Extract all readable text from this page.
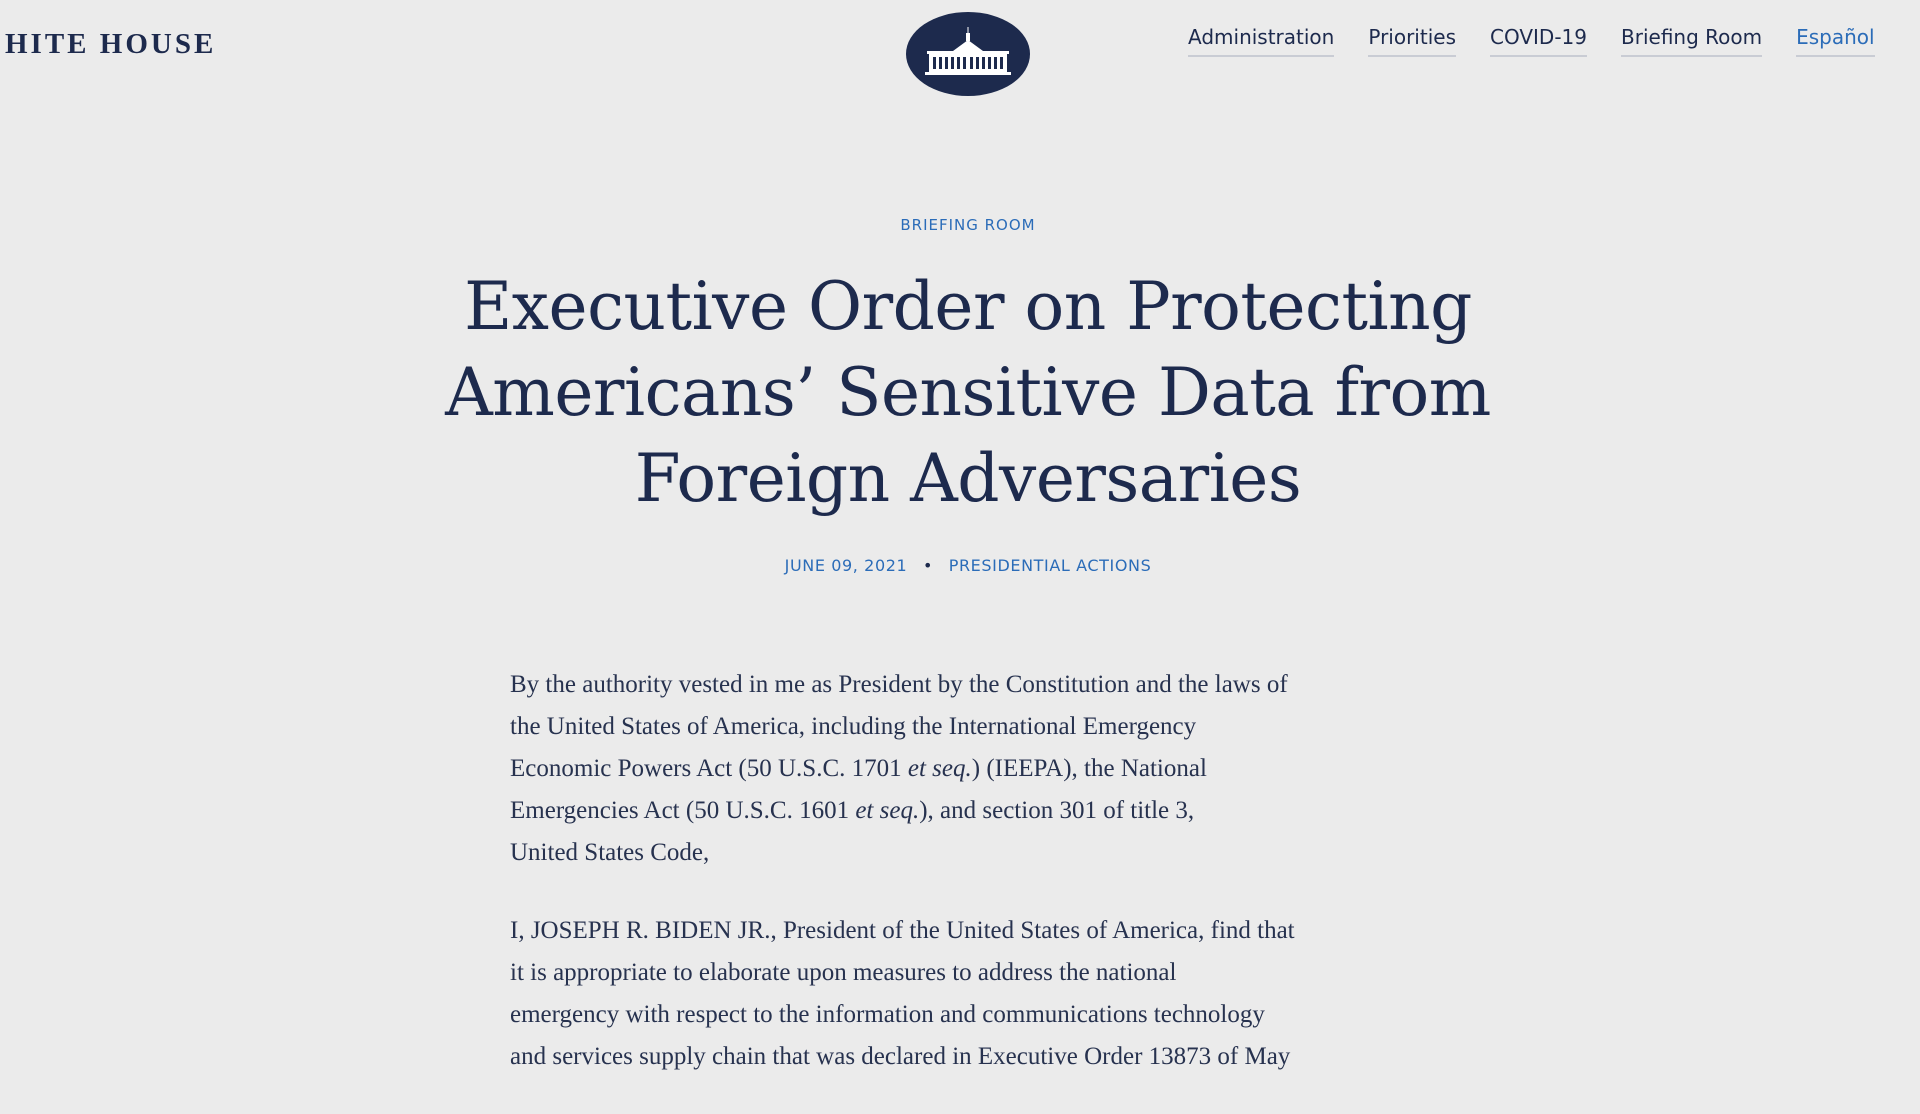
HITE HOUSE	Administration Priorities COVID-19 Briefing Room Español
BRIEFING ROOM
Executive Order on Protecting
Americans’ Sensitive Data from
Foreign Adversaries
JUNE 09, 2021 • PRESIDENTIAL ACTIONS

By the authority vested in me as President by the Constitution and the laws of
the United States of America, including the International Emergency
Economic Powers Act (50 U.S.C. 1701 et seq.) (IEEPA), the National
Emergencies Act (50 U.S.C. 1601 et seq.), and section 301 of title 3,
United States Code,

I, JOSEPH R. BIDEN JR., President of the United States of America, find that
it is appropriate to elaborate upon measures to address the national
emergency with respect to the information and communications technology
and services supply chain that was declared in Executive Order 13873 of May
